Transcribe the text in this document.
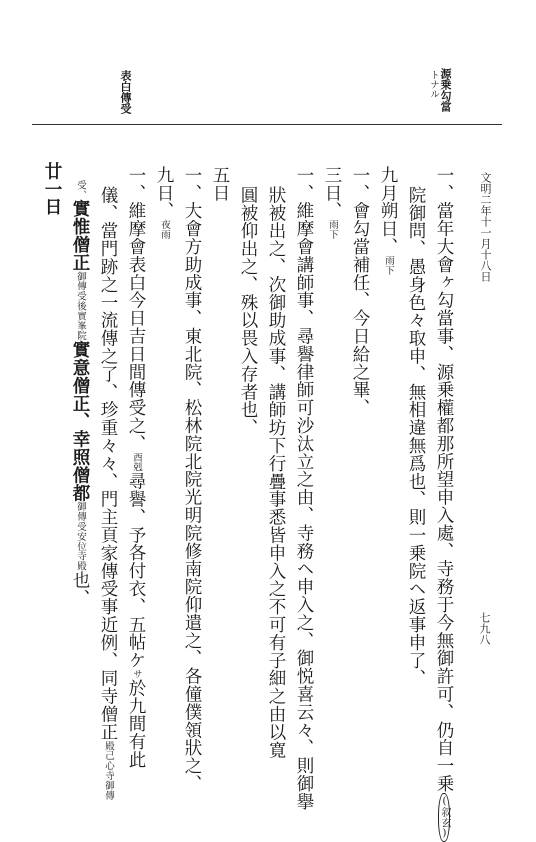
源乗勾當
トナル
表白傳受
文明二年十一月十八日
一、當年大會ヶ勾當事、源乗權都那所望申入處、寺務于今無御許可、仍自一乗(叙玄)
院御問、愚身色々取申、無相違無爲也、則一乗院ヘ返事申了、
九月朔日、雨下
一、會勾當補任、今日給之畢、
三日、雨下
一、維摩會講師事、尋譽律師可沙汰立之由、寺務ヘ申入之、御悦喜云々、則御擧
狀被出之、次御助成事、講師坊下行疊事悉皆申入之不可有子細之由以寛
圓被仰出之、殊以畏入存者也、
五日
一、大會方助成事、東北院、松林院北院光明院修南院仰遣之、各僮僕領狀之、
九日、夜雨
一、維摩會表白今日吉日間傳受之、酉剋尋譽、予各付衣、五帖ケサ於九間有此
儀、當門跡之一流傳之了、珍重々々、門主頁家傳受事近例、同寺僧正殿己心寺御傳
受、實惟僧正御傳受後實峯院實意僧正、幸照僧都御傳受安位寺殿也、
廿一日
七九八
